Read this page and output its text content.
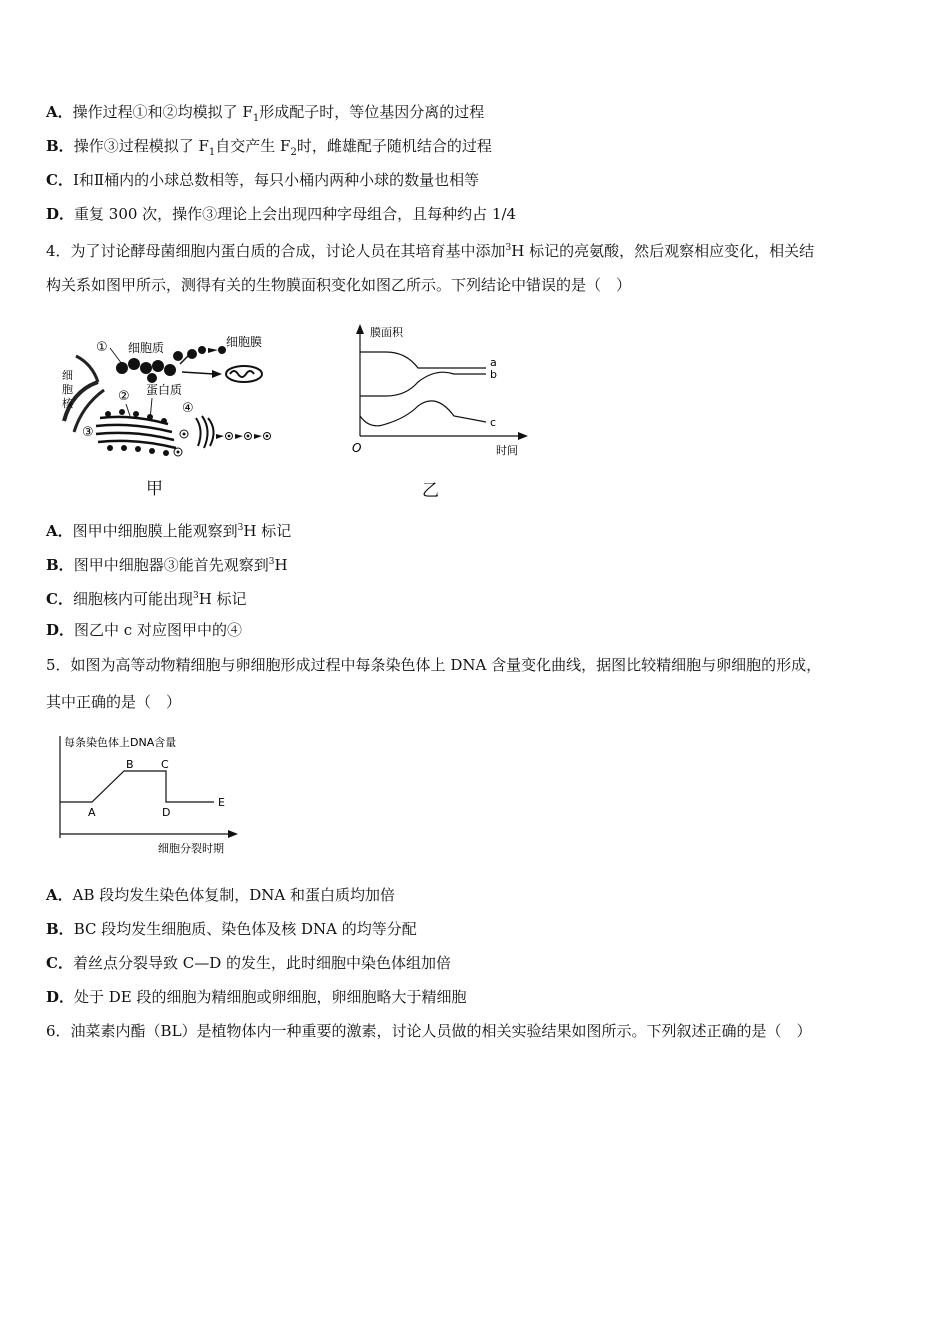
A．操作过程①和②均模拟了 $F_1$形成配子时，等位基因分离的过程
B．操作③过程模拟了 $F_1$自交产生 $F_2$时，雌雄配子随机结合的过程
C．Ⅰ和Ⅱ桶内的小球总数相等，每只小桶内两种小球的数量也相等
D．重复 300 次，操作③理论上会出现四种字母组合，且每种约占 1/4
4．为了讨论酵母菌细胞内蛋白质的合成，讨论人员在其培育基中添加$^3$H 标记的亮氨酸，然后观察相应变化，相关结
构关系如图甲所示，测得有关的生物膜面积变化如图乙所示。下列结论中错误的是（　）
细
胞
核
① 细胞质	细胞膜
蛋白质
②
③
④
甲
膜面积
时间
O
a
b
c
乙
A．图甲中细胞膜上能观察到$^3$H 标记
B．图甲中细胞器③能首先观察到$^3$H
C．细胞核内可能出现$^3$H 标记
D．图乙中 c 对应图甲中的④
5．如图为高等动物精细胞与卵细胞形成过程中每条染色体上 DNA 含量变化曲线，据图比较精细胞与卵细胞的形成，
其中正确的是（　）
每条染色体上DNA含量
细胞分裂时期
A
B C
D
E
A．AB 段均发生染色体复制，DNA 和蛋白质均加倍
B．BC 段均发生细胞质、染色体及核 DNA 的均等分配
C．着丝点分裂导致 C—D 的发生，此时细胞中染色体组加倍
D．处于 DE 段的细胞为精细胞或卵细胞，卵细胞略大于精细胞
6．油菜素内酯（BL）是植物体内一种重要的激素，讨论人员做的相关实验结果如图所示。下列叙述正确的是（　）
